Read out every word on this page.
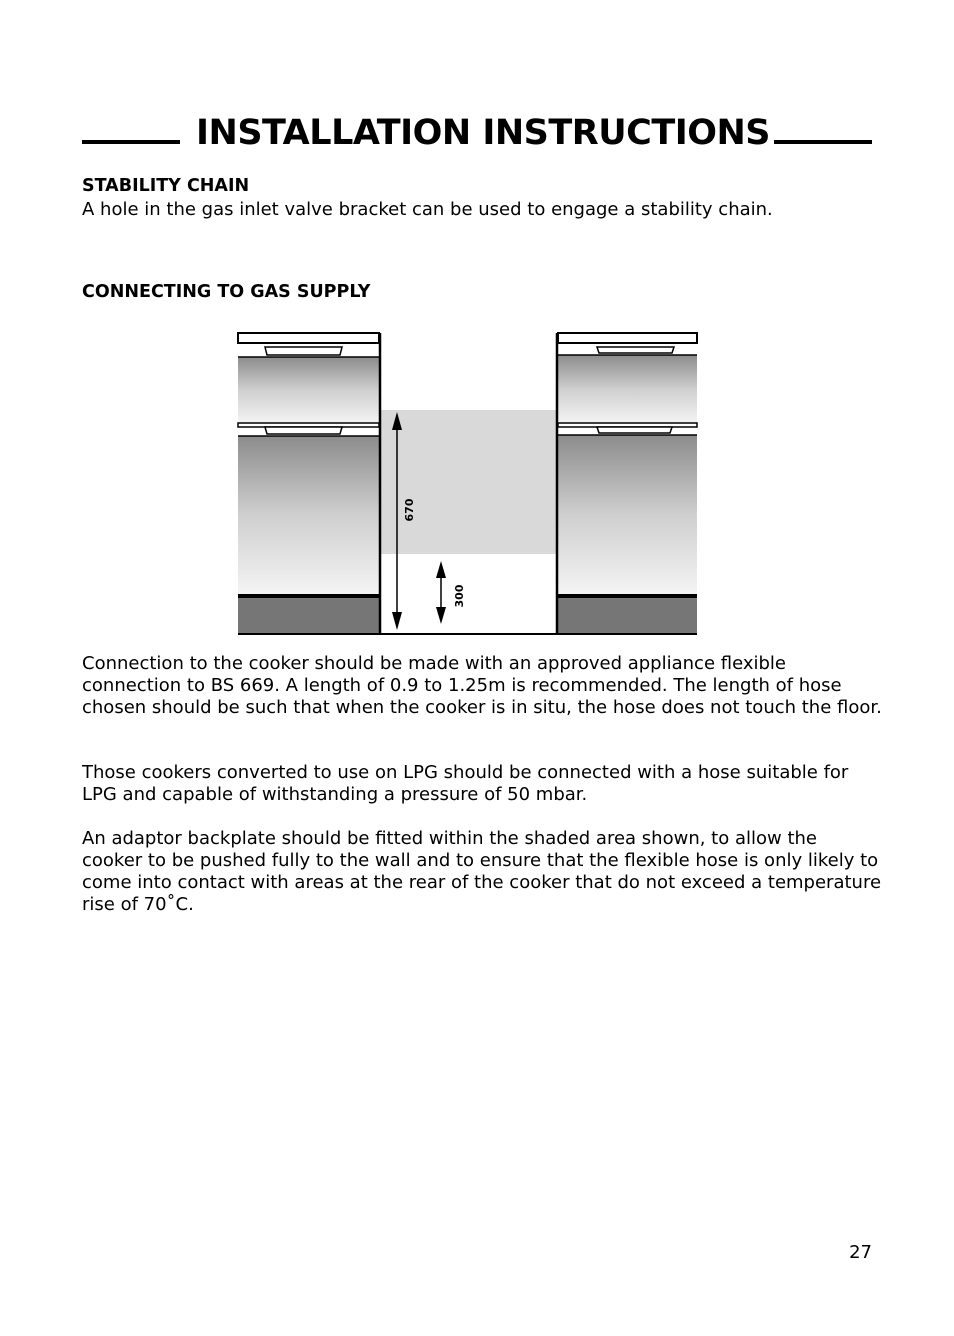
INSTALLATION INSTRUCTIONS
STABILITY CHAIN

A hole in the gas inlet valve bracket can be used to engage a stability chain.

CONNECTING TO GAS SUPPLY
670
300

Connection to the cooker should be made with an approved appliance flexible connection to BS 669. A length of 0.9 to 1.25m is recommended. The length of hose chosen should be such that when the cooker is in situ, the hose does not touch the floor.

Those cookers converted to use on LPG should be connected with a hose suitable for LPG and capable of withstanding a pressure of 50 mbar.

An adaptor backplate should be fitted within the shaded area shown, to allow the cooker to be pushed fully to the wall and to ensure that the flexible hose is only likely to come into contact with areas at the rear of the cooker that do not exceed a temperature rise of 70˚C.

27
